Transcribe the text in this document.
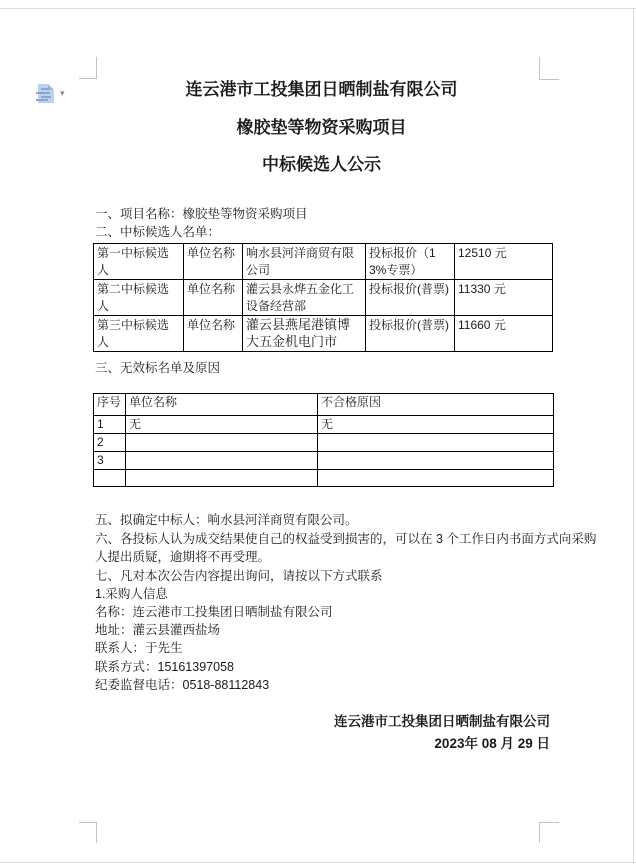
▾	连云港市工投集团日晒制盐有限公司
橡胶垫等物资采购项目
中标候选人公示
一、项目名称：橡胶垫等物资采购项目
二、中标候选人名单：
第一中标候选人	单位名称	响水县河洋商贸有限公司	投标报价（13%专票）	12510 元
第二中标候选人	单位名称	灌云县永烨五金化工设备经营部	投标报价(普票)	11330 元
第三中标候选人	单位名称	灌云县燕尾港镇博大五金机电门市	投标报价(普票)	11660 元
三、无效标名单及原因
序号	单位名称	不合格原因
1	无	无
2		
3		

五、拟确定中标人：响水县河洋商贸有限公司。
六、各投标人认为成交结果使自己的权益受到损害的，可以在 3 个工作日内书面方式向采购
人提出质疑，逾期将不再受理。
七、凡对本次公告内容提出询问，请按以下方式联系
1.采购人信息
名称：连云港市工投集团日晒制盐有限公司
地址：灌云县灌西盐场
联系人：于先生
联系方式：15161397058
纪委监督电话：0518-88112843
连云港市工投集团日晒制盐有限公司
2023年 08 月 29 日
